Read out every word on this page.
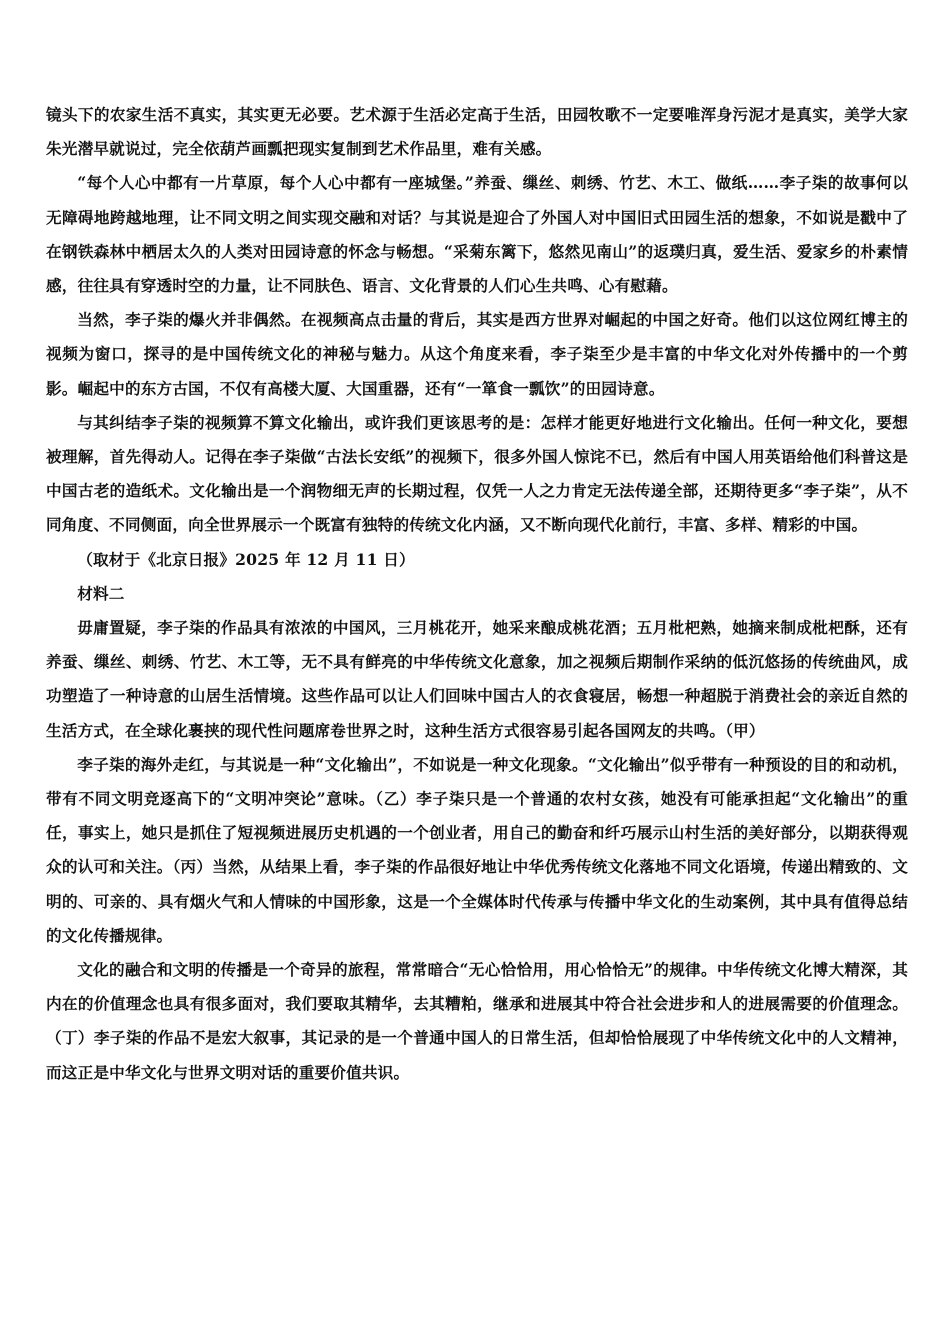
镜头下的农家生活不真实，其实更无必要。艺术源于生活必定高于生活，田园牧歌不一定要唯浑身污泥才是真实，美学大家朱光潜早就说过，完全依葫芦画瓢把现实复制到艺术作品里，难有关感。

“每个人心中都有一片草原，每个人心中都有一座城堡。”养蚕、缫丝、刺绣、竹艺、木工、做纸……李子柒的故事何以无障碍地跨越地理，让不同文明之间实现交融和对话？与其说是迎合了外国人对中国旧式田园生活的想象，不如说是戳中了在钢铁森林中栖居太久的人类对田园诗意的怀念与畅想。“采菊东篱下，悠然见南山”的返璞归真，爱生活、爱家乡的朴素情感，往往具有穿透时空的力量，让不同肤色、语言、文化背景的人们心生共鸣、心有慰藉。

当然，李子柒的爆火并非偶然。在视频高点击量的背后，其实是西方世界对崛起的中国之好奇。他们以这位网红博主的视频为窗口，探寻的是中国传统文化的神秘与魅力。从这个角度来看，李子柒至少是丰富的中华文化对外传播中的一个剪影。崛起中的东方古国，不仅有高楼大厦、大国重器，还有“一箪食一瓢饮”的田园诗意。

与其纠结李子柒的视频算不算文化输出，或许我们更该思考的是：怎样才能更好地进行文化输出。任何一种文化，要想被理解，首先得动人。记得在李子柒做“古法长安纸”的视频下，很多外国人惊诧不已，然后有中国人用英语给他们科普这是中国古老的造纸术。文化输出是一个润物细无声的长期过程，仅凭一人之力肯定无法传递全部，还期待更多“李子柒”，从不同角度、不同侧面，向全世界展示一个既富有独特的传统文化内涵，又不断向现代化前行，丰富、多样、精彩的中国。

（取材于《北京日报》2025 年 12 月 11 日）

材料二

毋庸置疑，李子柒的作品具有浓浓的中国风，三月桃花开，她采来酿成桃花酒；五月枇杷熟，她摘来制成枇杷酥，还有养蚕、缫丝、刺绣、竹艺、木工等，无不具有鲜亮的中华传统文化意象，加之视频后期制作采纳的低沉悠扬的传统曲风，成功塑造了一种诗意的山居生活情境。这些作品可以让人们回味中国古人的衣食寝居，畅想一种超脱于消费社会的亲近自然的生活方式，在全球化裹挟的现代性问题席卷世界之时，这种生活方式很容易引起各国网友的共鸣。（甲）

李子柒的海外走红，与其说是一种“文化输出”，不如说是一种文化现象。“文化输出”似乎带有一种预设的目的和动机，带有不同文明竞逐高下的“文明冲突论”意味。（乙）李子柒只是一个普通的农村女孩，她没有可能承担起“文化输出”的重任，事实上，她只是抓住了短视频进展历史机遇的一个创业者，用自己的勤奋和纤巧展示山村生活的美好部分，以期获得观众的认可和关注。（丙）当然，从结果上看，李子柒的作品很好地让中华优秀传统文化落地不同文化语境，传递出精致的、文明的、可亲的、具有烟火气和人情味的中国形象，这是一个全媒体时代传承与传播中华文化的生动案例，其中具有值得总结的文化传播规律。

文化的融合和文明的传播是一个奇异的旅程，常常暗合“无心恰恰用，用心恰恰无”的规律。中华传统文化博大精深，其内在的价值理念也具有很多面对，我们要取其精华，去其糟粕，继承和进展其中符合社会进步和人的进展需要的价值理念。（丁）李子柒的作品不是宏大叙事，其记录的是一个普通中国人的日常生活，但却恰恰展现了中华传统文化中的人文精神，而这正是中华文化与世界文明对话的重要价值共识。
